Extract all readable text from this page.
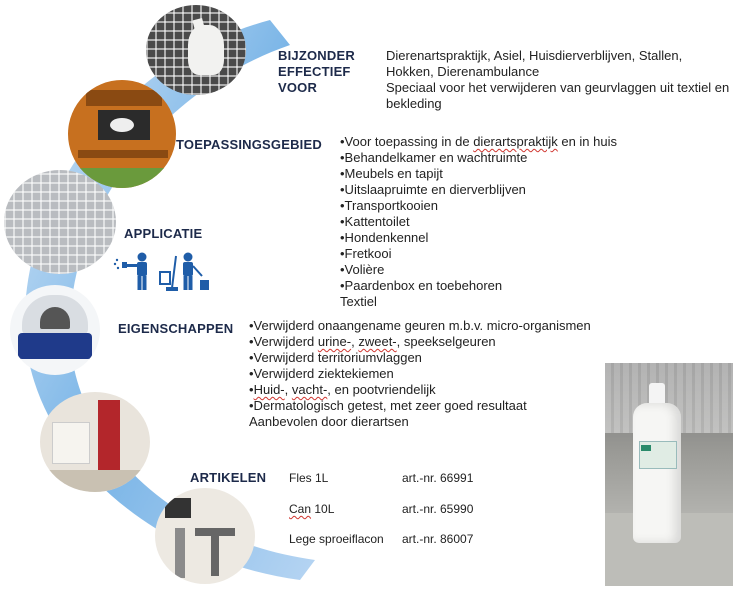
BIJZONDER
EFFECTIEF
VOOR
Dierenartspraktijk, Asiel, Huisdierverblijven, Stallen,
Hokken, Dierenambulance
Speciaal voor het verwijderen van geurvlaggen uit textiel en
bekleding
TOEPASSINGSGEBIED •Voor toepassing in de dierartspraktijk en in huis
•Behandelkamer en wachtruimte
•Meubels en tapijt
•Uitslaapruimte en dierverblijven
•Transportkooien
•Kattentoilet
•Hondenkennel
•Fretkooi
•Volière
•Paardenbox en toebehoren
Textiel
APPLICATIE
EIGENSCHAPPEN •Verwijderd onaangename geuren m.b.v. micro-organismen
•Verwijderd urine-, zweet-, speekselgeuren
•Verwijderd territoriumvlaggen
•Verwijderd ziektekiemen
•Huid-, vacht-, en pootvriendelijk
•Dermatologisch getest, met zeer goed resultaat
Aanbevolen door dierartsen
ARTIKELEN Fles 1L	art.-nr. 66991
Can 10L	art.-nr. 65990
Lege sproeiflacon art.-nr. 86007
